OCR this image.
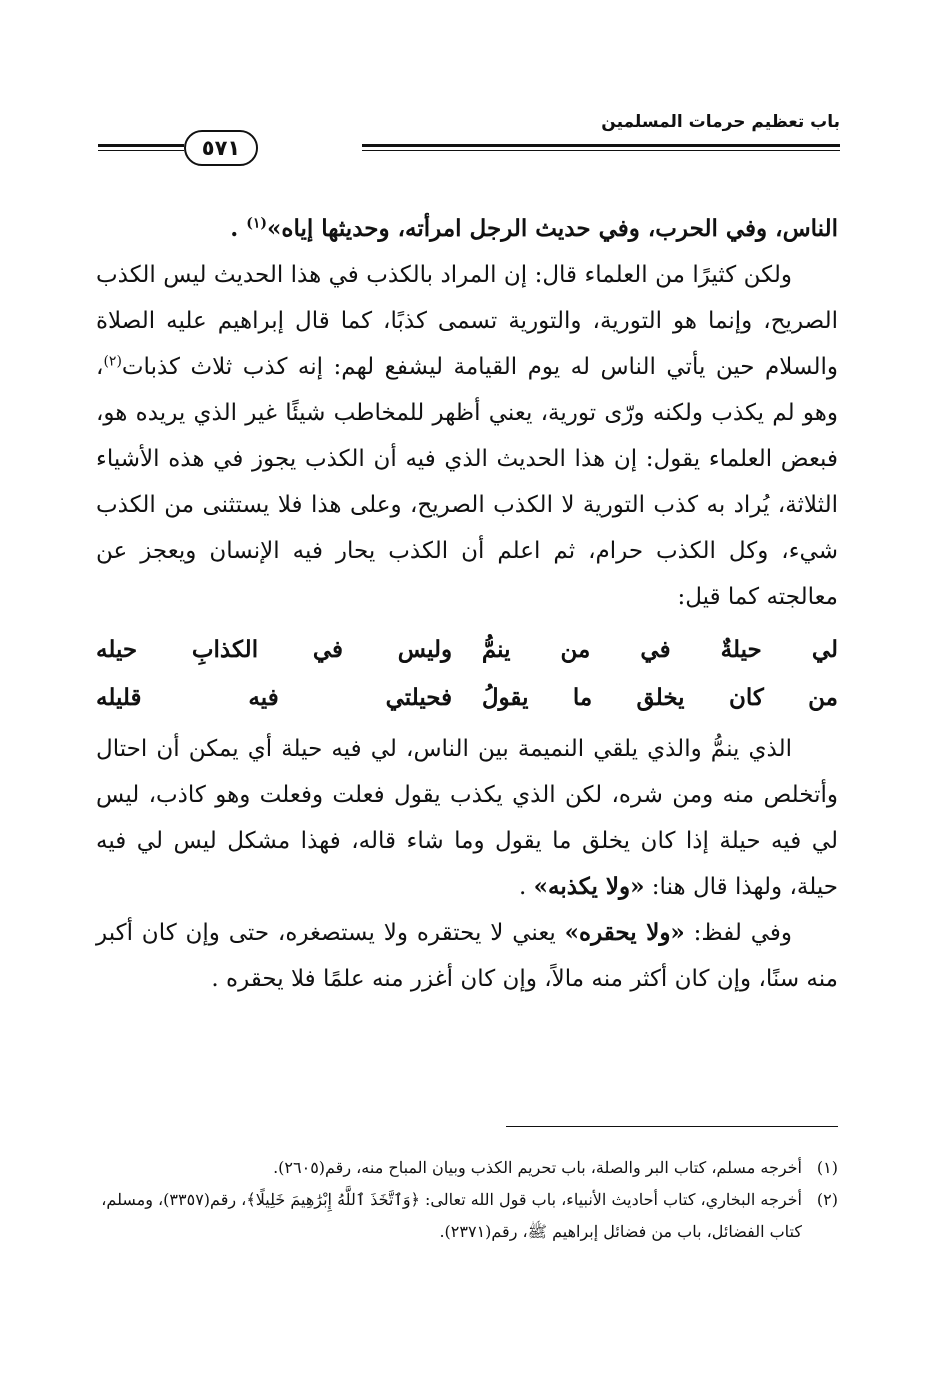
باب تعظيم حرمات المسلمين
٥٧١

الناس، وفي الحرب، وفي حديث الرجل امرأته، وحديثها إياه»$^{(١)}$ .

ولكن كثيرًا من العلماء قال: إن المراد بالكذب في هذا الحديث ليس الكذب الصريح، وإنما هو التورية، والتورية تسمى كذبًا، كما قال إبراهيم عليه الصلاة والسلام حين يأتي الناس له يوم القيامة ليشفع لهم: إنه كذب ثلاث كذبات$^{(٢)}$، وهو لم يكذب ولكنه ورّى تورية، يعني أظهر للمخاطب شيئًا غير الذي يريده هو، فبعض العلماء يقول: إن هذا الحديث الذي فيه أن الكذب يجوز في هذه الأشياء الثلاثة، يُراد به كذب التورية لا الكذب الصريح، وعلى هذا فلا يستثنى من الكذب شيء، وكل الكذب حرام، ثم اعلم أن الكذب يحار فيه الإنسان ويعجز عن معالجته كما قيل:

لي حيلةٌ في من ينمُّ
وليس في الكذابِ حيله
من كان يخلق ما يقولُ
فحيلتي فيه قليله

الذي ينمُّ والذي يلقي النميمة بين الناس، لي فيه حيلة أي يمكن أن احتال وأتخلص منه ومن شره، لكن الذي يكذب يقول فعلت وفعلت وهو كاذب، ليس لي فيه حيلة إذا كان يخلق ما يقول وما شاء قاله، فهذا مشكل ليس لي فيه حيلة، ولهذا قال هنا: «ولا يكذبه» .

وفي لفظ: «ولا يحقره» يعني لا يحتقره ولا يستصغره، حتى وإن كان أكبر منه سنًا، وإن كان أكثر منه مالاً، وإن كان أغزر منه علمًا فلا يحقره .

(١)
أخرجه مسلم، كتاب البر والصلة، باب تحريم الكذب وبيان المباح منه، رقم(٢٦٠٥).
(٢)
أخرجه البخاري، كتاب أحاديث الأنبياء، باب قول الله تعالى: ﴿وَٱتَّخَذَ ٱللَّهُ إِبْرَٰهِيمَ خَلِيلًا﴾، رقم(٣٣٥٧)، ومسلم، كتاب الفضائل، باب من فضائل إبراهيم ﷺ، رقم(٢٣٧١).
